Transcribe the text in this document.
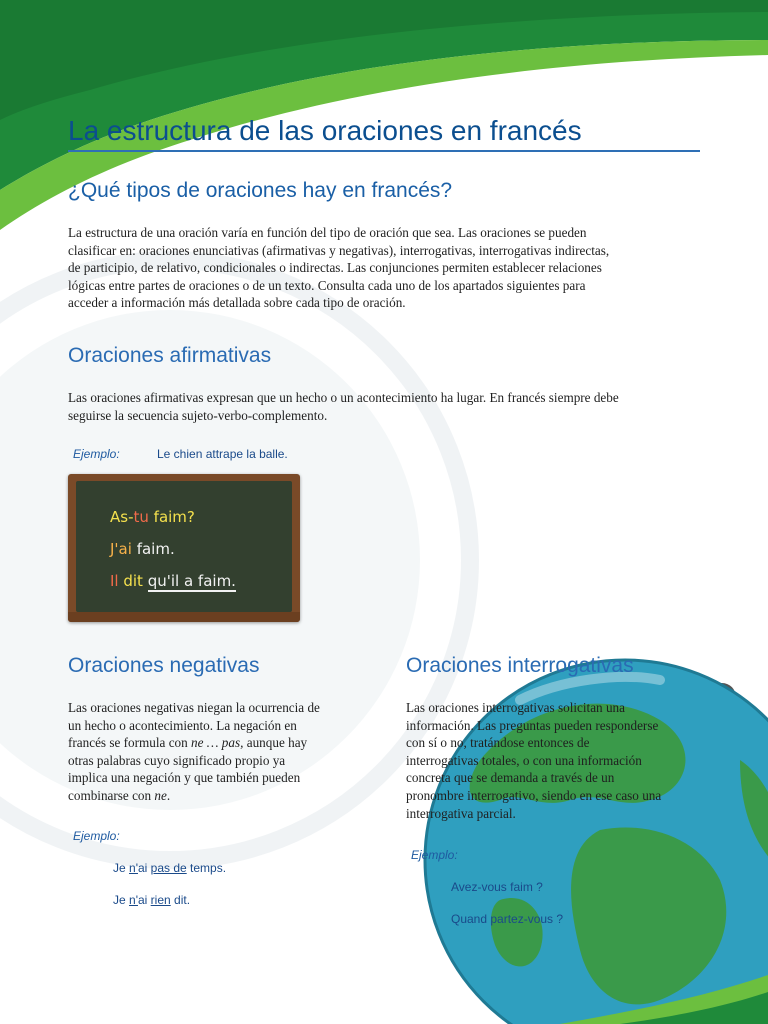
La estructura de las oraciones en francés
¿Qué tipos de oraciones hay en francés?
La estructura de una oración varía en función del tipo de oración que sea. Las oraciones se pueden
clasificar en: oraciones enunciativas (afirmativas y negativas), interrogativas, interrogativas indirectas,
de participio, de relativo, condicionales o indirectas. Las conjunciones permiten establecer relaciones
lógicas entre partes de oraciones o de un texto. Consulta cada uno de los apartados siguientes para
acceder a información más detallada sobre cada tipo de oración.
Oraciones afirmativas
Las oraciones afirmativas expresan que un hecho o un acontecimiento ha lugar. En francés siempre debe
seguirse la secuencia sujeto-verbo-complemento.
Ejemplo:	Le chien attrape la balle.
As-tu faim?
J'ai faim.
Il dit qu'il a faim.
Oraciones negativas
Las oraciones negativas niegan la ocurrencia de
un hecho o acontecimiento. La negación en
francés se formula con ne … pas, aunque hay
otras palabras cuyo significado propio ya
implica una negación y que también pueden
combinarse con ne.
Ejemplo:
Je n'ai pas de temps.
Je n'ai rien dit.
Oraciones interrogativas
Las oraciones interrogativas solicitan una
información. Las preguntas pueden responderse
con sí o no, tratándose entonces de
interrogativas totales, o con una información
concreta que se demanda a través de un
pronombre interrogativo, siendo en ese caso una
interrogativa parcial.
Ejemplo:
Avez-vous faim ?
Quand partez-vous ?
